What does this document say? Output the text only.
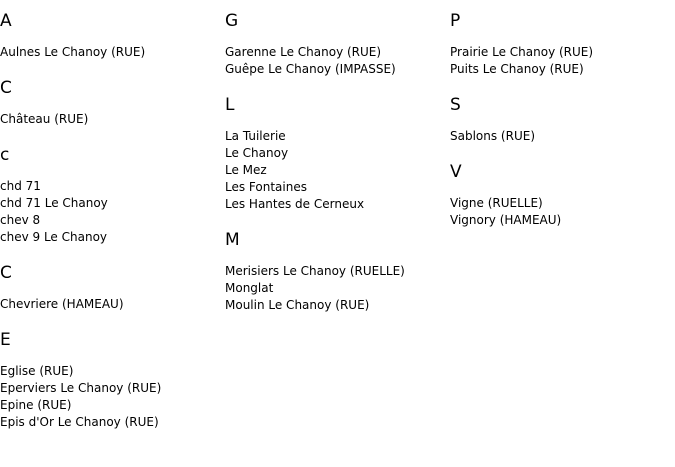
A
Aulnes Le Chanoy (RUE)
C
Château (RUE)
c
chd 71
chd 71 Le Chanoy
chev 8
chev 9 Le Chanoy
C
Chevriere (HAMEAU)
E
Eglise (RUE)
Eperviers Le Chanoy (RUE)
Epine (RUE)
Epis d'Or Le Chanoy (RUE)
G
Garenne Le Chanoy (RUE)
Guêpe Le Chanoy (IMPASSE)
L
La Tuilerie
Le Chanoy
Le Mez
Les Fontaines
Les Hantes de Cerneux
M
Merisiers Le Chanoy (RUELLE)
Monglat
Moulin Le Chanoy (RUE)
P
Prairie Le Chanoy (RUE)
Puits Le Chanoy (RUE)
S
Sablons (RUE)
V
Vigne (RUELLE)
Vignory (HAMEAU)
